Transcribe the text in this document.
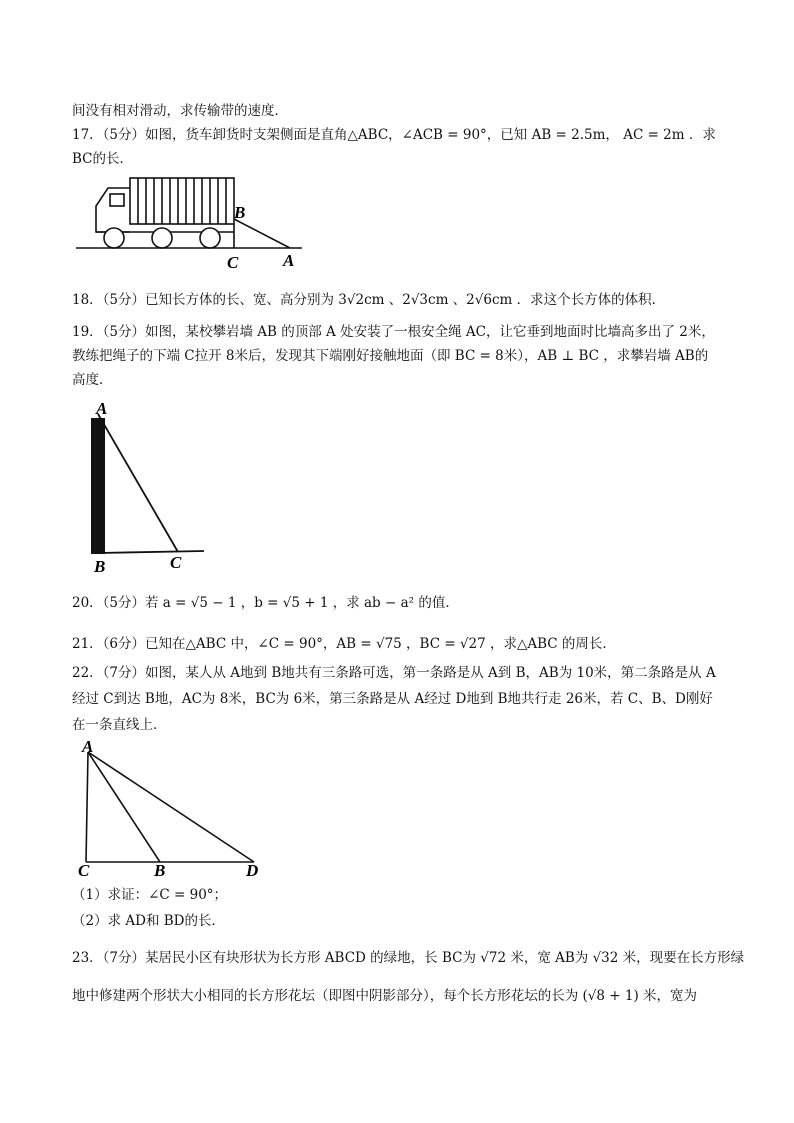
间没有相对滑动，求传输带的速度．
17．（5分）如图，货车卸货时支架侧面是直角△ABC，∠ACB = 90°，已知 AB = 2.5m， AC = 2m ．求
BC的长．
B
C	A
18．（5分）已知长方体的长、宽、高分别为 3√2cm 、2√3cm 、2√6cm ．求这个长方体的体积．
19．（5分）如图，某校攀岩墙 AB 的顶部 A 处安装了一根安全绳 AC，让它垂到地面时比墙高多出了 2米，
教练把绳子的下端 C拉开 8米后，发现其下端刚好接触地面（即 BC = 8米），AB ⊥ BC ，求攀岩墙 AB的
高度．
A
B	C
20．（5分）若 a = √5 − 1 ，b = √5 + 1 ，求 ab − a² 的值．
21．（6分）已知在△ABC 中，∠C = 90°，AB = √75 ，BC = √27 ，求△ABC 的周长．
22．（7分）如图，某人从 A地到 B地共有三条路可选，第一条路是从 A到 B，AB为 10米，第二条路是从 A
经过 C到达 B地，AC为 8米，BC为 6米，第三条路是从 A经过 D地到 B地共行走 26米，若 C、B、D刚好
在一条直线上．
A
C	B	D
（1）求证：∠C = 90°；
（2）求 AD和 BD的长．
23．（7分）某居民小区有块形状为长方形 ABCD 的绿地，长 BC为 √72 米，宽 AB为 √32 米，现要在长方形绿
地中修建两个形状大小相同的长方形花坛（即图中阴影部分），每个长方形花坛的长为 (√8 + 1) 米，宽为
